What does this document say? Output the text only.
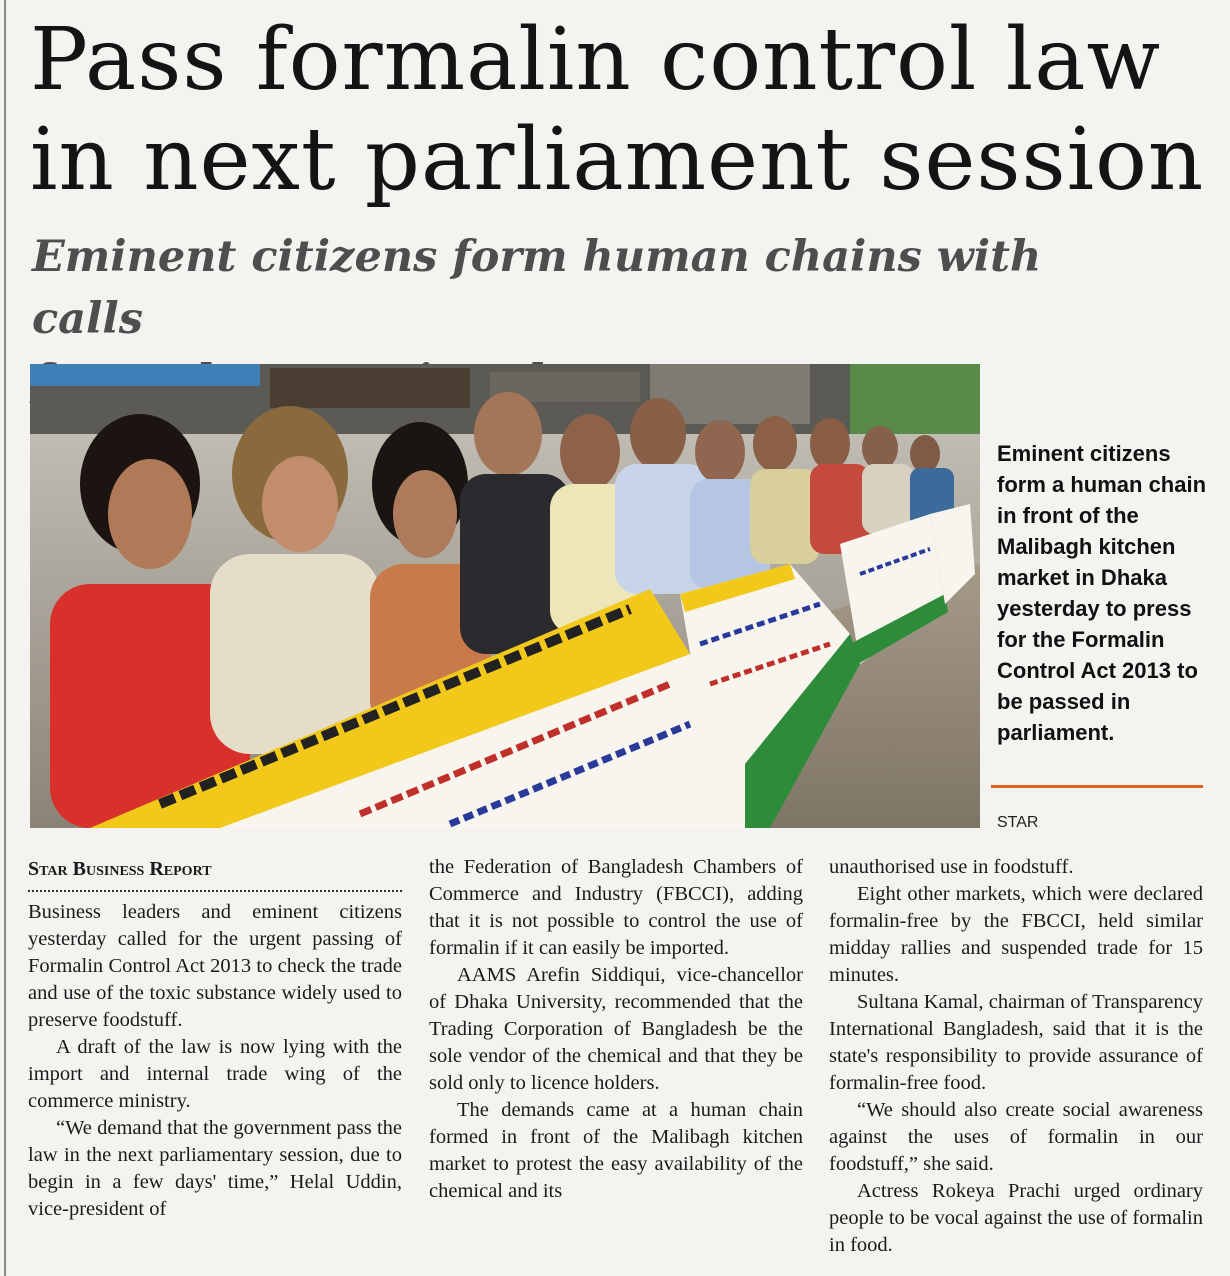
Pass formalin control law
in next parliament session
Eminent citizens form human chains with calls

Eminent citizens form a human chain in front of the Malibagh kitchen market in Dhaka yesterday to press for the Formalin Control Act 2013 to be passed in parliament.

STAR

Star Business Report

Business leaders and eminent citizens yesterday called for the urgent passing of Formalin Control Act 2013 to check the trade and use of the toxic substance widely used to preserve foodstuff.

A draft of the law is now lying with the import and internal trade wing of the commerce ministry.

“We demand that the government pass the law in the next parliamentary session, due to begin in a few days' time,” Helal Uddin, vice-president of

the Federation of Bangladesh Chambers of Commerce and Industry (FBCCI), adding that it is not possible to control the use of formalin if it can easily be imported.

AAMS Arefin Siddiqui, vice-chancellor of Dhaka University, recommended that the Trading Corporation of Bangladesh be the sole vendor of the chemical and that they be sold only to licence holders.

The demands came at a human chain formed in front of the Malibagh kitchen market to protest the easy availability of the chemical and its

unauthorised use in foodstuff.

Eight other markets, which were declared formalin-free by the FBCCI, held similar midday rallies and suspended trade for 15 minutes.

Sultana Kamal, chairman of Transparency International Bangladesh, said that it is the state's responsibility to provide assurance of formalin-free food.

“We should also create social awareness against the uses of formalin in our foodstuff,” she said.

Actress Rokeya Prachi urged ordinary people to be vocal against the use of formalin in food.
